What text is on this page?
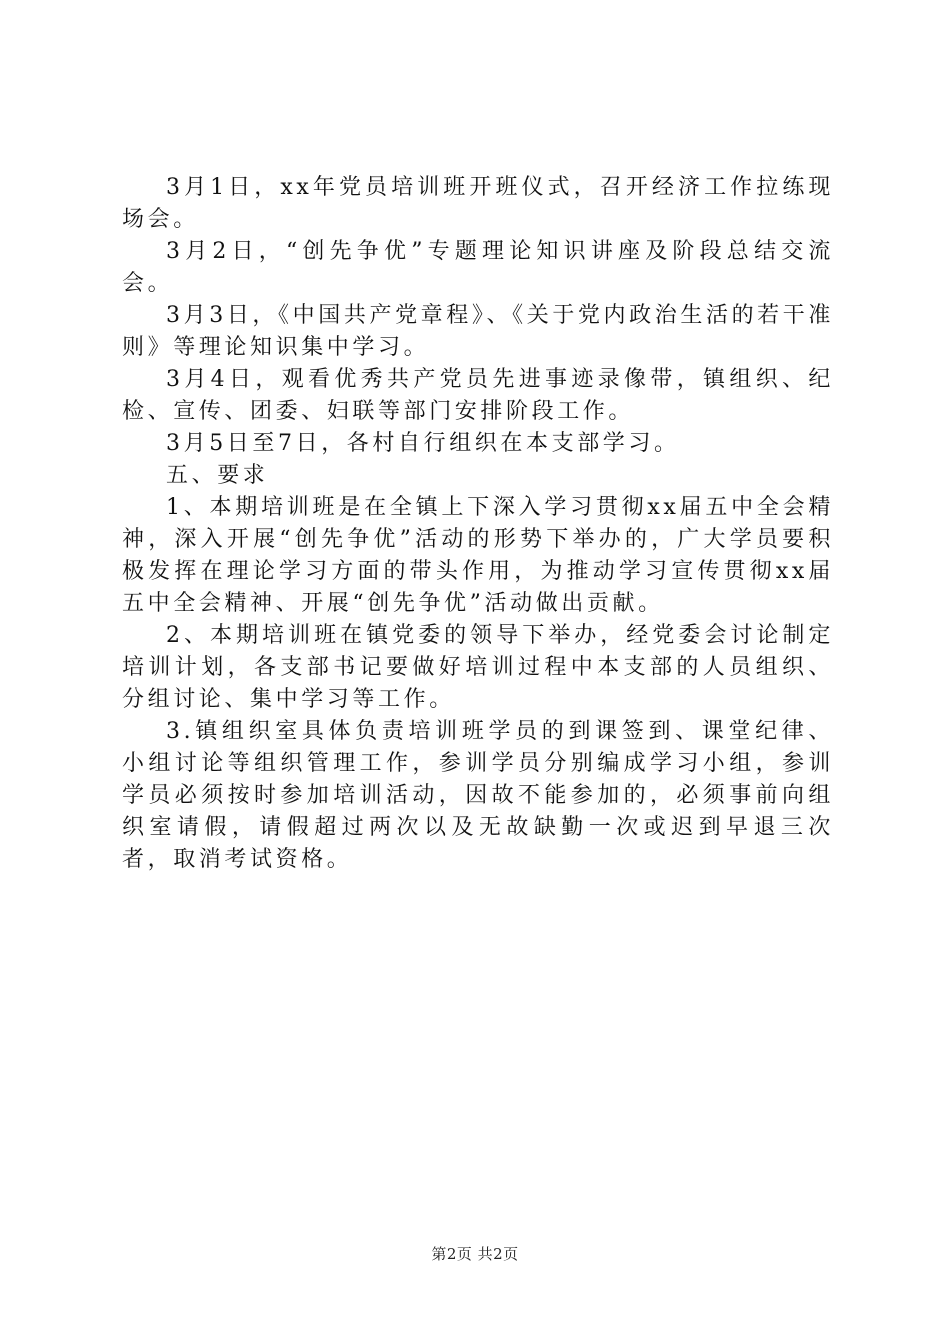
3月1日，xx年党员培训班开班仪式，召开经济工作拉练现场会。

3月2日，“创先争优”专题理论知识讲座及阶段总结交流会。

3月3日，《中国共产党章程》、《关于党内政治生活的若干准则》等理论知识集中学习。

3月4日，观看优秀共产党员先进事迹录像带，镇组织、纪检、宣传、团委、妇联等部门安排阶段工作。

3月5日至7日，各村自行组织在本支部学习。

五、要求

1、本期培训班是在全镇上下深入学习贯彻xx届五中全会精神，深入开展“创先争优”活动的形势下举办的，广大学员要积极发挥在理论学习方面的带头作用，为推动学习宣传贯彻xx届五中全会精神、开展“创先争优”活动做出贡献。

2、本期培训班在镇党委的领导下举办，经党委会讨论制定培训计划，各支部书记要做好培训过程中本支部的人员组织、分组讨论、集中学习等工作。

3.镇组织室具体负责培训班学员的到课签到、课堂纪律、小组讨论等组织管理工作，参训学员分别编成学习小组，参训学员必须按时参加培训活动，因故不能参加的，必须事前向组织室请假，请假超过两次以及无故缺勤一次或迟到早退三次者，取消考试资格。

第2页 共2页
